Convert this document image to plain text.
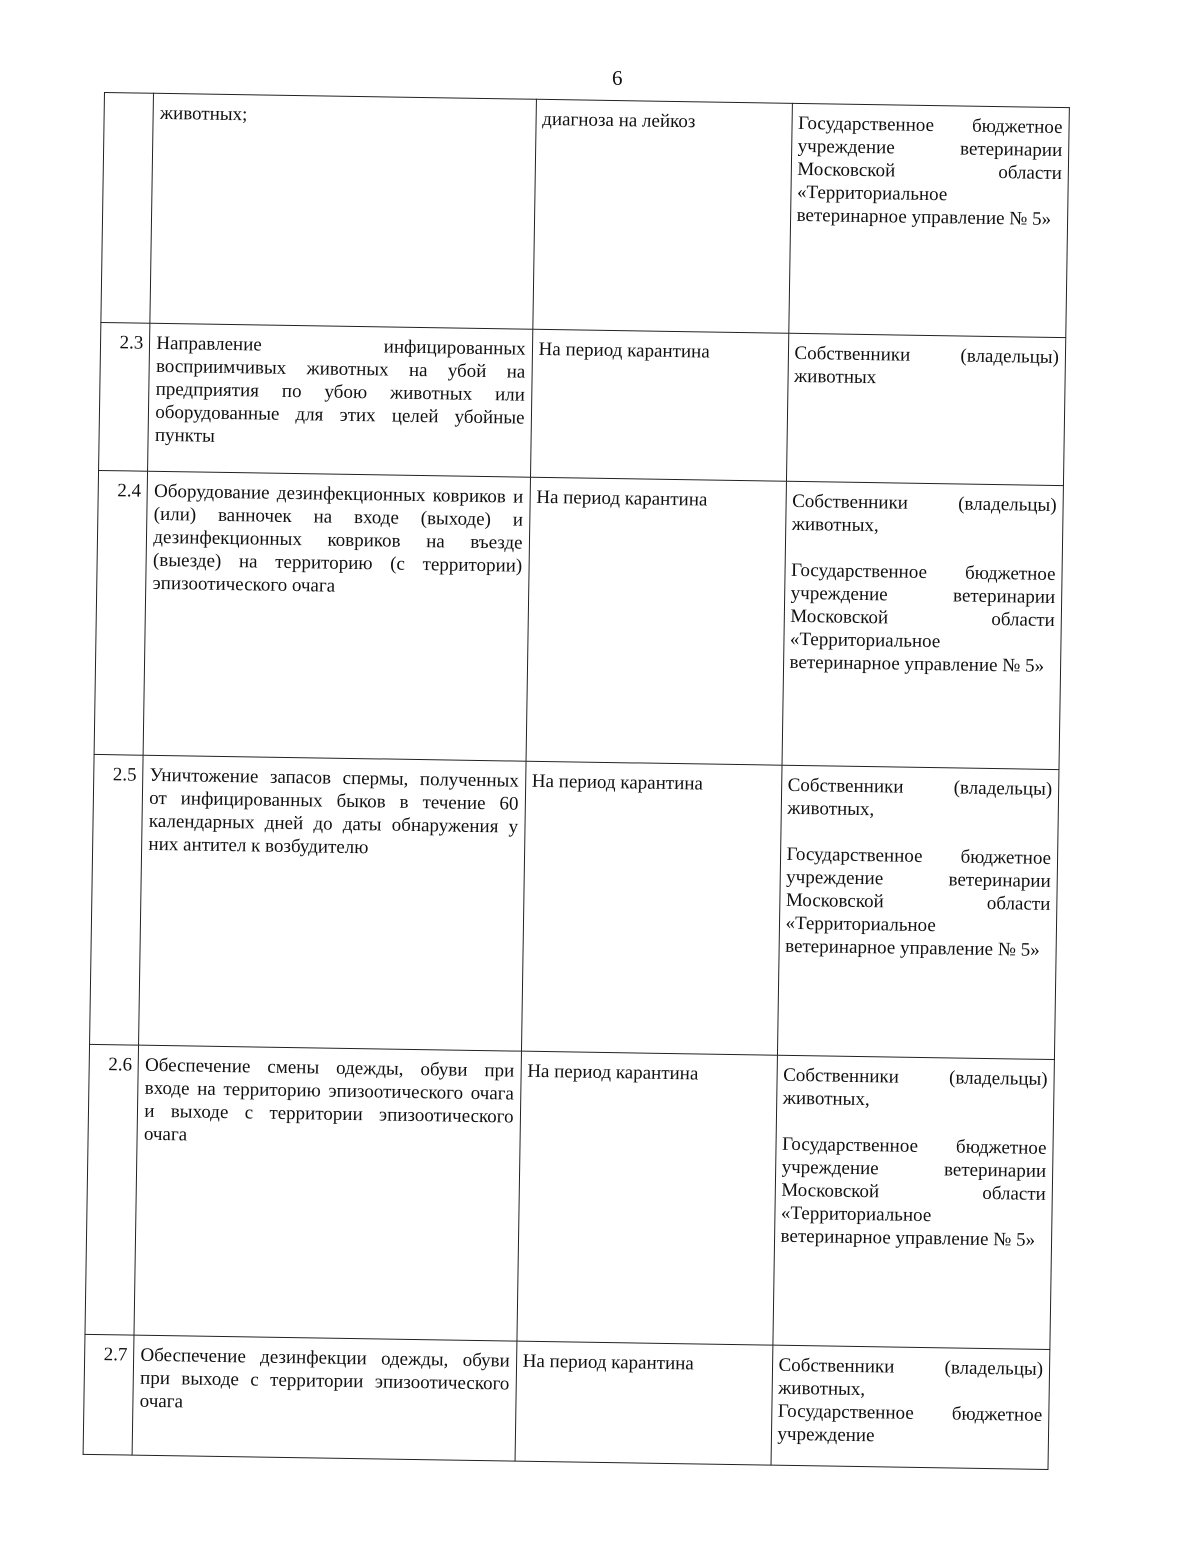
6
	животных;	диагноза на лейкоз	Государственное бюджетное учреждение ветеринарии Московской области «Территориальное ветеринарное управление № 5»

2.3	Направление инфицированных восприимчивых животных на убой на предприятия по убою животных или оборудованные для этих целей убойные пункты	На период карантина	Собственники (владельцы) животных

2.4	Оборудование дезинфекционных ковриков и (или) ванночек на входе (выходе) и дезинфекционных ковриков на въезде (выезде) на территорию (с территории) эпизоотического очага	На период карантина	Собственники (владельцы) животных,
Государственное бюджетное учреждение ветеринарии Московской области «Территориальное ветеринарное управление № 5»

2.5	Уничтожение запасов спермы, полученных от инфицированных быков в течение 60 календарных дней до даты обнаружения у них антител к возбудителю	На период карантина	Собственники (владельцы) животных,
Государственное бюджетное учреждение ветеринарии Московской области «Территориальное ветеринарное управление № 5»

2.6	Обеспечение смены одежды, обуви при входе на территорию эпизоотического очага и выходе с территории эпизоотического очага	На период карантина	Собственники (владельцы) животных,
Государственное бюджетное учреждение ветеринарии Московской области «Территориальное ветеринарное управление № 5»

2.7	Обеспечение дезинфекции одежды, обуви при выходе с территории эпизоотического очага	На период карантина	Собственники (владельцы) животных,
Государственное бюджетное учреждение
